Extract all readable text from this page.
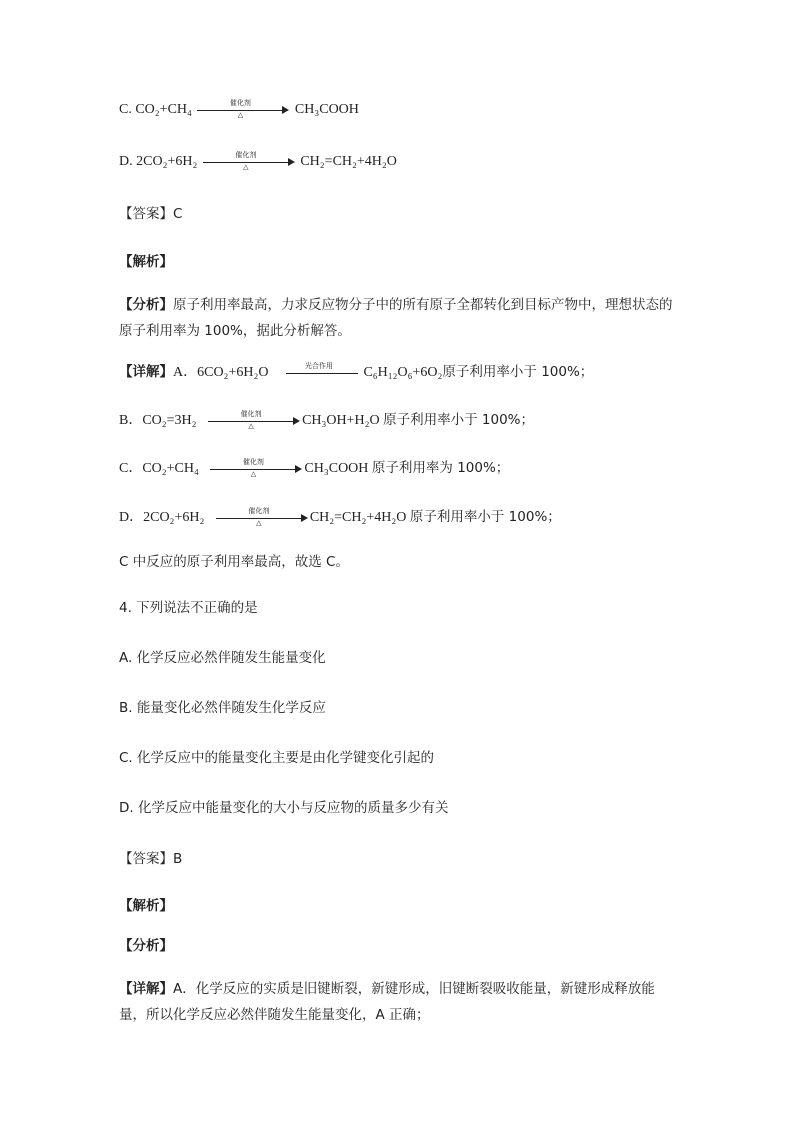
C. CO₂+CH₄	催化剂
△	CH₃COOH
D. 2CO₂+6H₂	催化剂
△	CH₂=CH₂+4H₂O
【答案】C
【解析】
【分析】原子利用率最高，力求反应物分子中的所有原子全都转化到目标产物中，理想状态的原子利用率为 100%，据此分析解答。
【详解】A．6CO₂+6H₂O	光合作用	C₆H₁₂O₆+6O₂原子利用率小于 100%；
B．CO₂=3H₂	催化剂
△	CH₃OH+H₂O 原子利用率小于 100%；
C．CO₂+CH₄	催化剂
△	CH₃COOH 原子利用率为 100%；
D．2CO₂+6H₂	催化剂
△	CH₂=CH₂+4H₂O 原子利用率小于 100%；
C 中反应的原子利用率最高，故选 C。
4. 下列说法不正确的是
A. 化学反应必然伴随发生能量变化
B. 能量变化必然伴随发生化学反应
C. 化学反应中的能量变化主要是由化学键变化引起的
D. 化学反应中能量变化的大小与反应物的质量多少有关
【答案】B
【解析】
【分析】
【详解】A．化学反应的实质是旧键断裂，新键形成，旧键断裂吸收能量，新键形成释放能量，所以化学反应必然伴随发生能量变化，A 正确；
